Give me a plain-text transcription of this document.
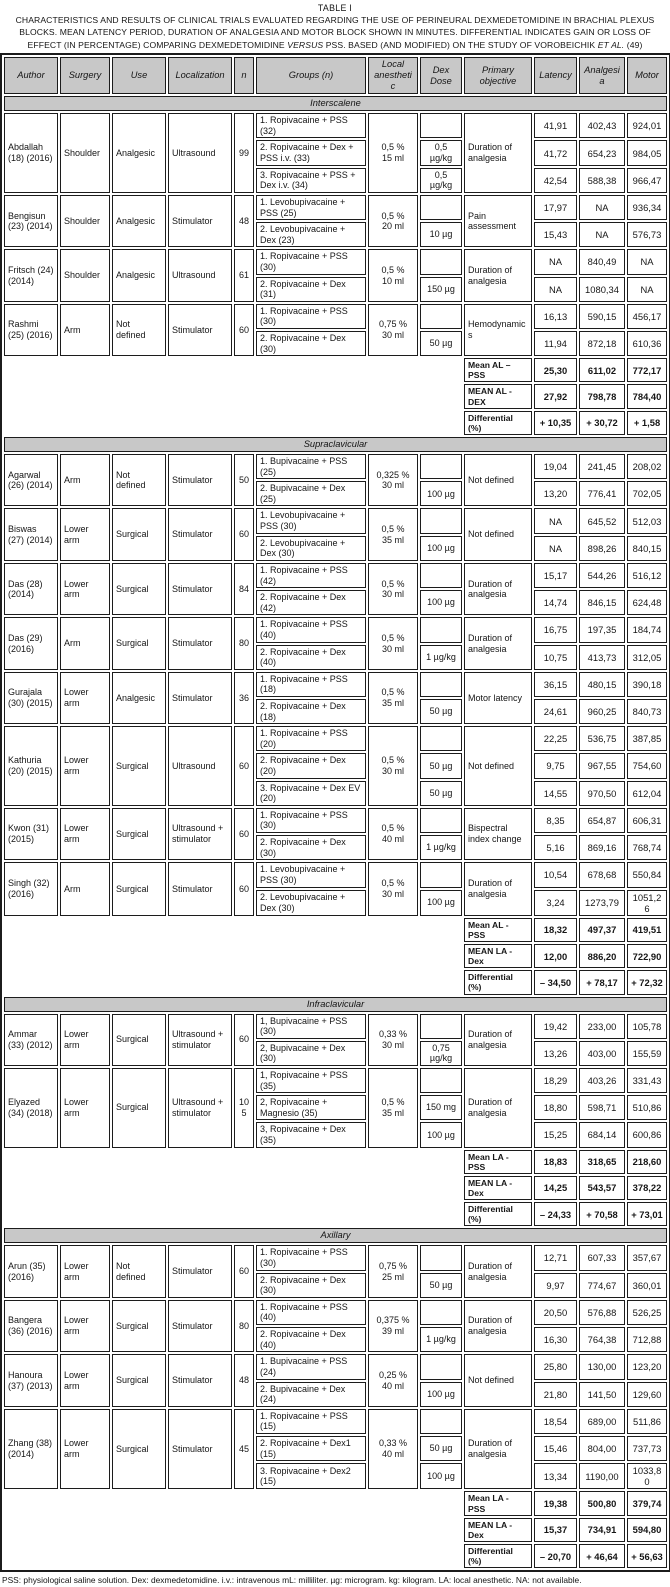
TABLE I
CHARACTERISTICS AND RESULTS OF CLINICAL TRIALS EVALUATED REGARDING THE USE OF PERINEURAL DEXMEDETOMIDINE IN BRACHIAL PLEXUS BLOCKS. MEAN LATENCY PERIOD, DURATION OF ANALGESIA AND MOTOR BLOCK SHOWN IN MINUTES. DIFFERENTIAL INDICATES GAIN OR LOSS OF EFFECT (IN PERCENTAGE) COMPARING DEXMEDETOMIDINE VERSUS PSS. BASED (AND MODIFIED) ON THE STUDY OF VOROBEICHIK ET AL. (49)
Author	Surgery	Use	Localization	n	Groups (n)	Local anesthetic	Dex Dose	Primary objective	Latency	Analgesia	Motor
Interscalene											
Abdallah (18) (2016)	Shoulder	Analgesic	Ultrasound	99	1. Ropivacaine + PSS (32)	0,5 %
15 ml		Duration of analgesia	41,91	402,43	924,01
					2. Ropivacaine + Dex + PSS i.v. (33)		0,5 µg/kg		41,72	654,23	984,05
					3. Ropivacaine + PSS + Dex i.v. (34)		0,5 µg/kg		42,54	588,38	966,47
Bengisun (23) (2014)	Shoulder	Analgesic	Stimulator	48	1. Levobupivacaine + PSS (25)	0,5 %
20 ml		Pain assessment	17,97	NA	936,34
					2. Levobupivacaine + Dex (23)		10 µg		15,43	NA	576,73
Fritsch (24) (2014)	Shoulder	Analgesic	Ultrasound	61	1. Ropivacaine + PSS (30)	0,5 %
10 ml		Duration of analgesia	NA	840,49	NA
					2. Ropivacaine + Dex (31)		150 µg		NA	1080,34	NA
Rashmi (25) (2016)	Arm	Not defined	Stimulator	60	1. Ropivacaine + PSS (30)	0,75 %
30 ml		Hemodynamics	16,13	590,15	456,17
					2. Ropivacaine + Dex (30)		50 µg		11,94	872,18	610,36
								Mean AL – PSS	25,30	611,02	772,17
								MEAN AL - DEX	27,92	798,78	784,40
								Differential (%)	+ 10,35	+ 30,72	+ 1,58
Supraclavicular											
Agarwal (26) (2014)	Arm	Not defined	Stimulator	50	1. Bupivacaine + PSS (25)	0,325 %
30 ml		Not defined	19,04	241,45	208,02
					2. Bupivacaine + Dex (25)		100 µg		13,20	776,41	702,05
Biswas (27) (2014)	Lower arm	Surgical	Stimulator	60	1. Levobupivacaine + PSS (30)	0,5 %
35 ml		Not defined	NA	645,52	512,03
					2. Levobupivacaine + Dex (30)		100 µg		NA	898,26	840,15
Das (28) (2014)	Lower arm	Surgical	Stimulator	84	1. Ropivacaine + PSS (42)	0,5 %
30 ml		Duration of analgesia	15,17	544,26	516,12
					2. Ropivacaine + Dex (42)		100 µg		14,74	846,15	624,48
Das (29) (2016)	Arm	Surgical	Stimulator	80	1. Ropivacaine + PSS (40)	0,5 %
30 ml		Duration of analgesia	16,75	197,35	184,74
					2. Ropivacaine + Dex (40)		1 µg/kg		10,75	413,73	312,05
Gurajala (30) (2015)	Lower arm	Analgesic	Stimulator	36	1. Ropivacaine + PSS (18)	0,5 %
35 ml		Motor latency	36,15	480,15	390,18
					2. Ropivacaine + Dex (18)		50 µg		24,61	960,25	840,73
Kathuria (20) (2015)	Lower arm	Surgical	Ultrasound	60	1. Ropivacaine + PSS (20)	0,5 %
30 ml		Not defined	22,25	536,75	387,85
					2. Ropivacaine + Dex (20)		50 µg		9,75	967,55	754,60
					3. Ropivacaine + Dex EV (20)		50 µg		14,55	970,50	612,04
Kwon (31) (2015)	Lower arm	Surgical	Ultrasound + stimulator	60	1. Ropivacaine + PSS (30)	0,5 %
40 ml		Bispectral index change	8,35	654,87	606,31
					2. Ropivacaine + Dex (30)		1 µg/kg		5,16	869,16	768,74
Singh (32) (2016)	Arm	Surgical	Stimulator	60	1. Levobupivacaine + PSS (30)	0,5 %
30 ml		Duration of analgesia	10,54	678,68	550,84
					2. Levobupivacaine + Dex (30)		100 µg		3,24	1273,79	1051,26
								Mean AL - PSS	18,32	497,37	419,51
								MEAN LA - Dex	12,00	886,20	722,90
								Differential (%)	– 34,50	+ 78,17	+ 72,32
Infraclavicular											
Ammar (33) (2012)	Lower arm	Surgical	Ultrasound + stimulator	60	1, Bupivacaine + PSS (30)	0,33 %
30 ml		Duration of analgesia	19,42	233,00	105,78
					2, Bupivacaine + Dex (30)		0,75 µg/kg		13,26	403,00	155,59
Elyazed (34) (2018)	Lower arm	Surgical	Ultrasound + stimulator	105	1, Ropivacaine + PSS (35)	0,5 %
35 ml		Duration of analgesia	18,29	403,26	331,43
					2, Ropivacaine + Magnesio (35)		150 mg		18,80	598,71	510,86
					3, Ropivacaine + Dex (35)		100 µg		15,25	684,14	600,86
								Mean LA - PSS	18,83	318,65	218,60
								MEAN LA - Dex	14,25	543,57	378,22
								Differential (%)	– 24,33	+ 70,58	+ 73,01
Axillary											
Arun (35) (2016)	Lower arm	Not defined	Stimulator	60	1. Ropivacaine + PSS (30)	0,75 %
25 ml		Duration of analgesia	12,71	607,33	357,67
					2. Ropivacaine + Dex (30)		50 µg		9,97	774,67	360,01
Bangera (36) (2016)	Lower arm	Surgical	Stimulator	80	1. Ropivacaine + PSS (40)	0,375 %
39 ml		Duration of analgesia	20,50	576,88	526,25
					2. Ropivacaine + Dex (40)		1 µg/kg		16,30	764,38	712,88
Hanoura (37) (2013)	Lower arm	Surgical	Stimulator	48	1. Bupivacaine + PSS (24)	0,25 %
40 ml		Not defined	25,80	130,00	123,20
					2. Bupivacaine + Dex (24)		100 µg		21,80	141,50	129,60
Zhang (38) (2014)	Lower arm	Surgical	Stimulator	45	1. Ropivacaine + PSS (15)	0,33 %
40 ml		Duration of analgesia	18,54	689,00	511,86
					2. Ropivacaine + Dex1 (15)		50 µg		15,46	804,00	737,73
					3. Ropivacaine + Dex2 (15)		100 µg		13,34	1190,00	1033,80
								Mean LA - PSS	19,38	500,80	379,74
								MEAN LA - Dex	15,37	734,91	594,80
								Differential (%)	– 20,70	+ 46,64	+ 56,63
PSS: physiological saline solution. Dex: dexmedetomidine. i.v.: intravenous mL: milliliter. µg: microgram. kg: kilogram. LA: local anesthetic. NA: not available.
